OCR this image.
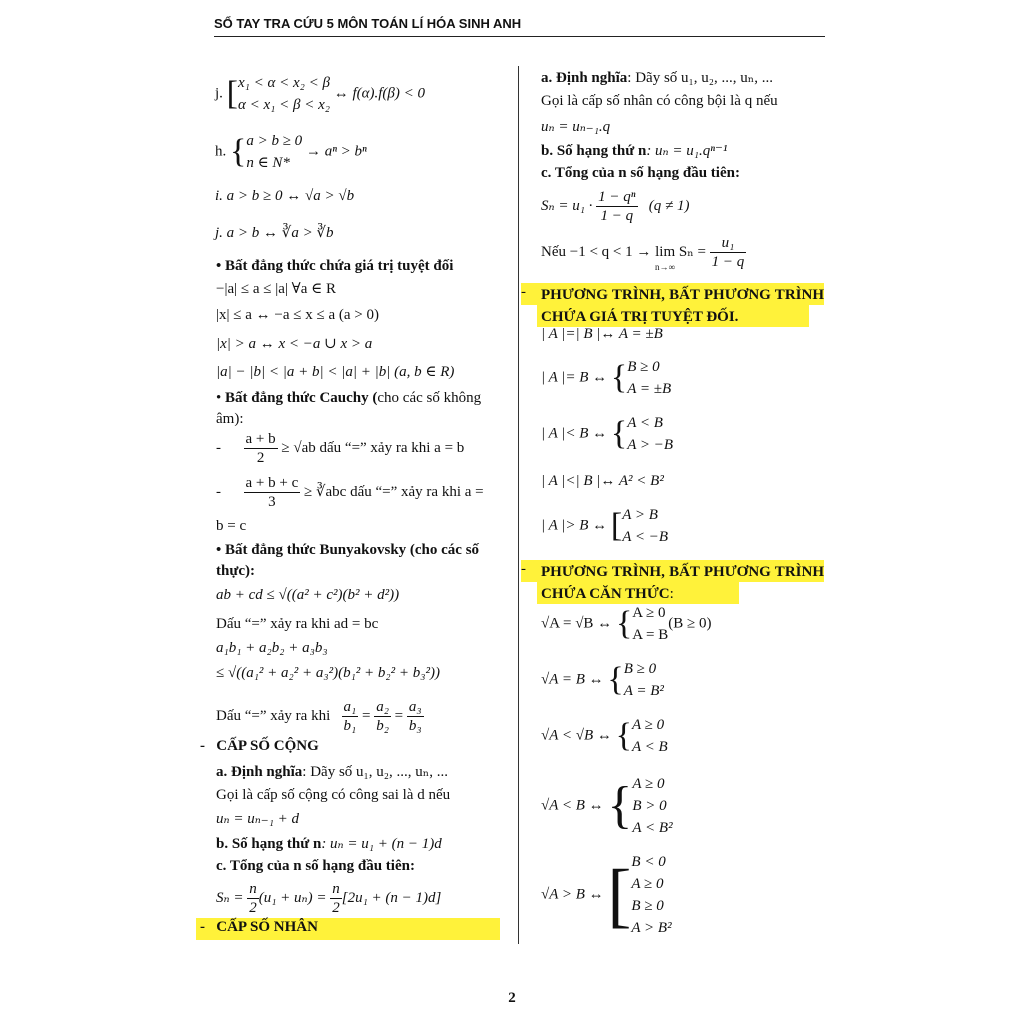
SỔ TAY TRA CỨU 5 MÔN TOÁN LÍ HÓA SINH ANH
j. [ x₁ < α < x₂ < β
α < x₁ < β < x₂
↔ f(α).f(β) < 0
h. { a > b ≥ 0
n ∈ N*
→ aⁿ > bⁿ
i. a > b ≥ 0 ↔ √a > √b
j. a > b ↔ ∛a > ∛b
• Bất đẳng thức chứa giá trị tuyệt đối
−|a| ≤ a ≤ |a| ∀a ∈ R
|x| ≤ a ↔ −a ≤ x ≤ a (a > 0)
|x| > a ↔ x < −a ∪ x > a
|a| − |b| < |a + b| < |a| + |b| (a, b ∈ R)
• Bất đẳng thức Cauchy (cho các số không âm):
- $\frac{a + b}{2} \ge √ab$ dấu “=” xảy ra khi a = b
- $\frac{a + b + c}{3}$ ≥ ∛abc dấu “=” xảy ra khi a =
b = c
• Bất đẳng thức Bunyakovsky (cho các số thực):
ab + cd ≤ √((a² + c²)(b² + d²))
Dấu “=” xảy ra khi ad = bc
a₁b₁ + a₂b₂ + a₃b₃
≤ √((a₁² + a₂² + a₃²)(b₁² + b₂² + b₃²))
Dấu “=” xảy ra khi $\frac{\text{a₁}}{\text{b₁}} = \frac{\text{a₂}}{\text{b₂}} = \frac{\text{a₃}}{\text{b₃}}$
- CẤP SỐ CỘNG
a. Định nghĩa: Dãy số u₁, u₂, ..., uₙ, ...
Gọi là cấp số cộng có công sai là d nếu
uₙ = uₙ₋₁ + d
b. Số hạng thứ n: uₙ = u₁ + (n − 1)d
c. Tổng của n số hạng đầu tiên:
$S_n = \frac{n}{2} (u_1 + u_n) = \frac{n}{2} [2u_1 + (n - 1)d]$
- CẤP SỐ NHÂN
a. Định nghĩa: Dãy số u₁, u₂, ..., uₙ, ...
Gọi là cấp số nhân có công bội là q nếu
uₙ = uₙ₋₁.q
b. Số hạng thứ n: uₙ = u₁.qⁿ⁻¹
c. Tổng của n số hạng đầu tiên:
$S_n = u_1 \cdot \frac{\text{1 − qⁿ}}{1 - q} (q \ne 1)$
Nếu $-1 < q < 1 \to \lim S_n = \frac{\text{u₁}}{1 - q}$
n→∞
-	PHƯƠNG TRÌNH, BẤT PHƯƠNG TRÌNH CHỨA GIÁ TRỊ TUYỆT ĐỐI.
| A |=| B |↔ A = ±B
| A |= B ↔ { B ≥ 0
A = ±B
| A |< B ↔ { A < B
A > −B
| A |<| B |↔ A² < B²
| A |> B ↔ [ A > B
A < −B
-	PHƯƠNG TRÌNH, BẤT PHƯƠNG TRÌNH CHỨA CĂN THỨC:
√A = √B ↔ { A ≥ 0
A = B
(B ≥ 0)
√A = B ↔ { B ≥ 0
A = B²
√A < √B ↔ { A ≥ 0
A < B
√A < B ↔ { A ≥ 0
B > 0
A < B²
√A > B ↔ [ B < 0
A ≥ 0
B ≥ 0
A > B²
2
